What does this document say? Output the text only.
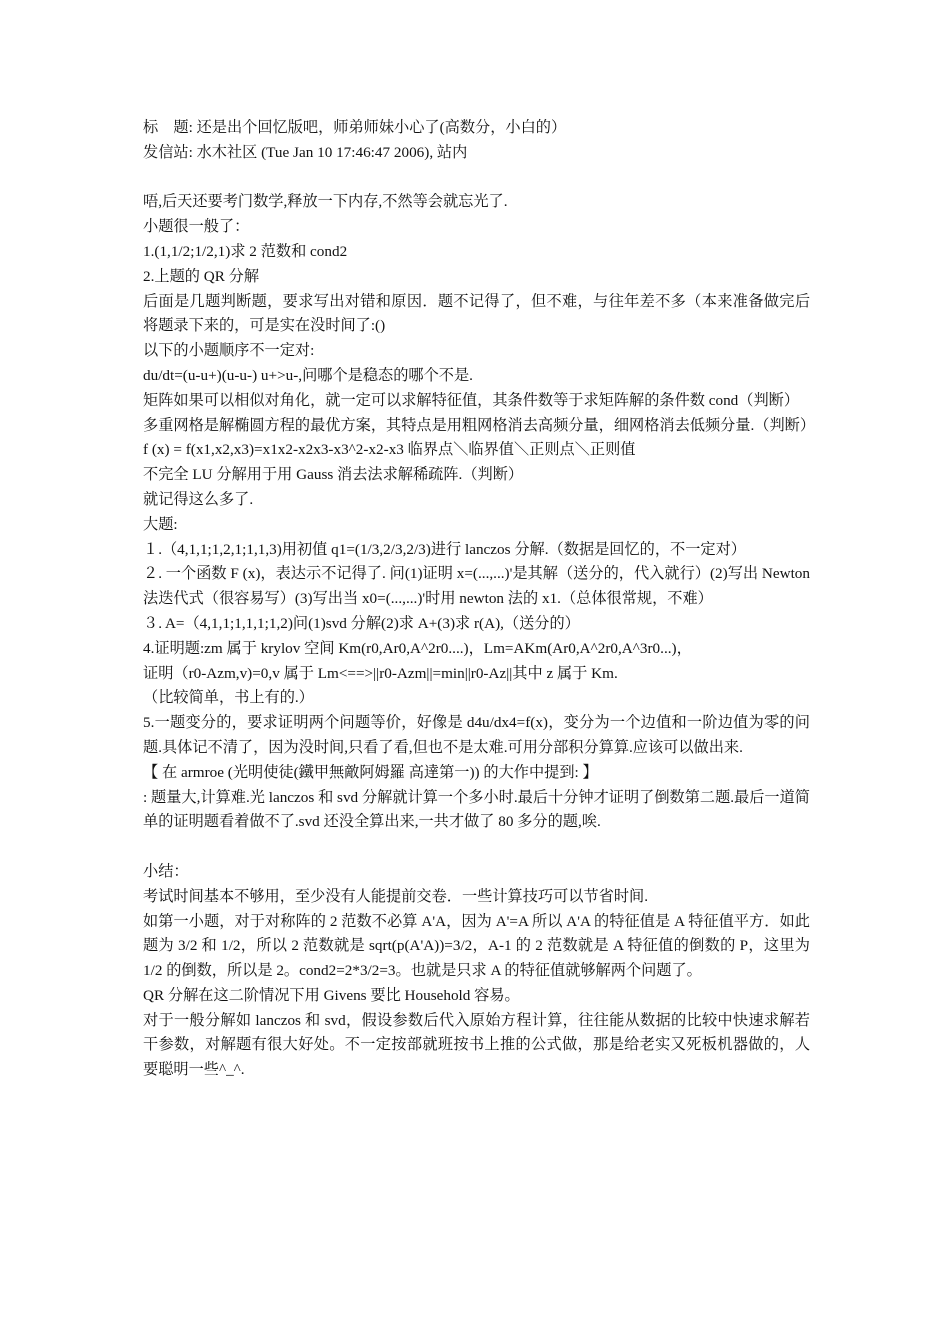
标　题: 还是出个回忆版吧，师弟师妹小心了(高数分，小白的）
发信站: 水木社区 (Tue Jan 10 17:46:47 2006), 站内
唔,后天还要考门数学,释放一下内存,不然等会就忘光了.
小题很一般了：
1.(1,1/2;1/2,1)求 2 范数和 cond2
2.上题的 QR 分解
后面是几题判断题，要求写出对错和原因．题不记得了，但不难，与往年差不多（本来准备做完后将题录下来的，可是实在没时间了:()
以下的小题顺序不一定对:
du/dt=(u-u+)(u-u-) u+>u-,问哪个是稳态的哪个不是.
矩阵如果可以相似对角化，就一定可以求解特征值，其条件数等于求矩阵解的条件数 cond（判断）
多重网格是解椭圆方程的最优方案，其特点是用粗网格消去高频分量，细网格消去低频分量.（判断）
f (x) = f(x1,x2,x3)=x1x2-x2x3-x3^2-x2-x3 临界点＼临界值＼正则点＼正则值
不完全 LU 分解用于用 Gauss 消去法求解稀疏阵.（判断）
就记得这么多了.
大题:
１.（4,1,1;1,2,1;1,1,3)用初值 q1=(1/3,2/3,2/3)进行 lanczos 分解.（数据是回忆的，不一定对）
２. 一个函数 F (x)，表达示不记得了. 问(1)证明 x=(...,...)'是其解（送分的，代入就行）(2)写出 Newton 法迭代式（很容易写）(3)写出当 x0=(...,...)'时用 newton 法的 x1.（总体很常规，不难）
３. A=（4,1,1;1,1,1;1,2)问(1)svd 分解(2)求 A+(3)求 r(A),（送分的）
4.证明题:zm 属于 krylov 空间 Km(r0,Ar0,A^2r0....)，Lm=AKm(Ar0,A^2r0,A^3r0...)，
证明（r0-Azm,v)=0,v 属于 Lm<==>||r0-Azm||=min||r0-Az||其中 z 属于 Km.
（比较简单，书上有的.）
5.一题变分的，要求证明两个问题等价，好像是 d4u/dx4=f(x)，变分为一个边值和一阶边值为零的问题.具体记不清了，因为没时间,只看了看,但也不是太难.可用分部积分算算.应该可以做出来.
【 在 armroe (光明使徒(鐵甲無敵阿姆羅 高達第一)) 的大作中提到: 】
: 题量大,计算难.光 lanczos 和 svd 分解就计算一个多小时.最后十分钟才证明了倒数第二题.最后一道简单的证明题看着做不了.svd 还没全算出来,一共才做了 80 多分的题,唉.
小结：
考试时间基本不够用，至少没有人能提前交卷．一些计算技巧可以节省时间.
如第一小题，对于对称阵的 2 范数不必算 A'A，因为 A'=A 所以 A'A 的特征值是 A 特征值平方．如此题为 3/2 和 1/2，所以 2 范数就是 sqrt(p(A'A))=3/2，A-1 的 2 范数就是 A 特征值的倒数的 P，这里为 1/2 的倒数，所以是 2。cond2=2*3/2=3。也就是只求 A 的特征值就够解两个问题了。
QR 分解在这二阶情况下用 Givens 要比 Household 容易。
对于一般分解如 lanczos 和 svd，假设参数后代入原始方程计算，往往能从数据的比较中快速求解若干参数，对解题有很大好处。不一定按部就班按书上推的公式做，那是给老实又死板机器做的，人要聪明一些^_^.
